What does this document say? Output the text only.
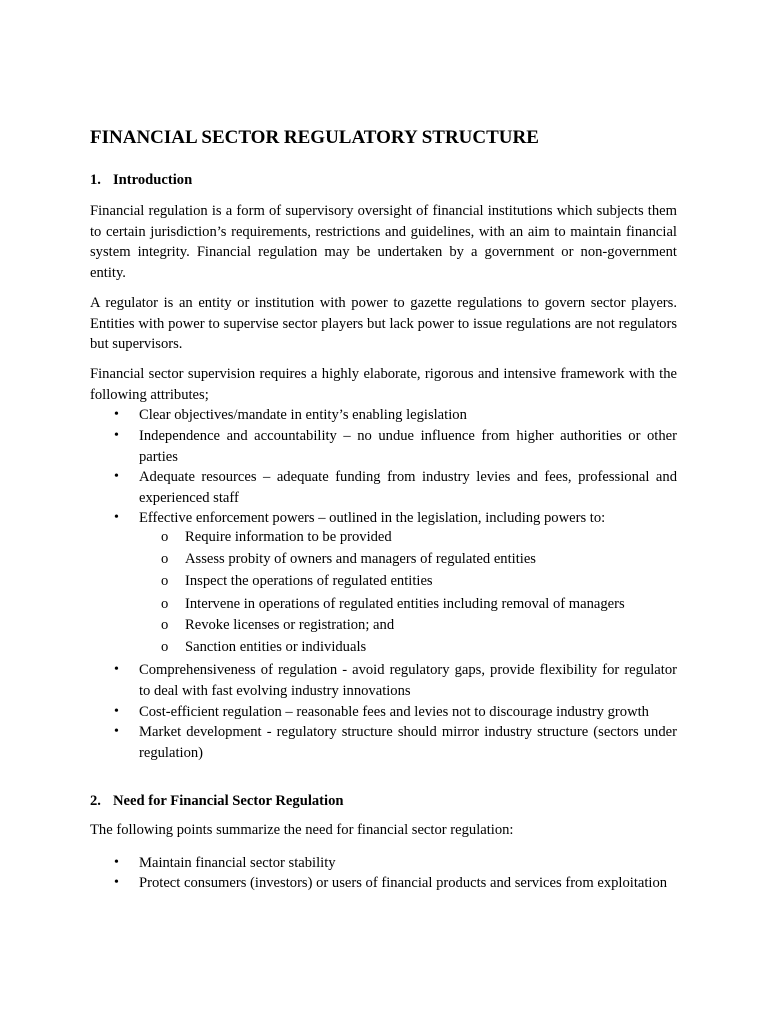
FINANCIAL SECTOR REGULATORY STRUCTURE
1. Introduction
Financial regulation is a form of supervisory oversight of financial institutions which subjects them to certain jurisdiction’s requirements, restrictions and guidelines, with an aim to maintain financial system integrity. Financial regulation may be undertaken by a government or non-government entity.
A regulator is an entity or institution with power to gazette regulations to govern sector players. Entities with power to supervise sector players but lack power to issue regulations are not regulators but supervisors.
Financial sector supervision requires a highly elaborate, rigorous and intensive framework with the following attributes;
• Clear objectives/mandate in entity’s enabling legislation
• Independence and accountability – no undue influence from higher authorities or other parties
• Adequate resources – adequate funding from industry levies and fees, professional and experienced staff
• Effective enforcement powers – outlined in the legislation, including powers to:
o Require information to be provided
o Assess probity of owners and managers of regulated entities
o Inspect the operations of regulated entities
o Intervene in operations of regulated entities including removal of managers
o Revoke licenses or registration; and
o Sanction entities or individuals
• Comprehensiveness of regulation - avoid regulatory gaps, provide flexibility for regulator to deal with fast evolving industry innovations
• Cost-efficient regulation – reasonable fees and levies not to discourage industry growth
• Market development - regulatory structure should mirror industry structure (sectors under regulation)
2. Need for Financial Sector Regulation
The following points summarize the need for financial sector regulation:
• Maintain financial sector stability
• Protect consumers (investors) or users of financial products and services from exploitation
